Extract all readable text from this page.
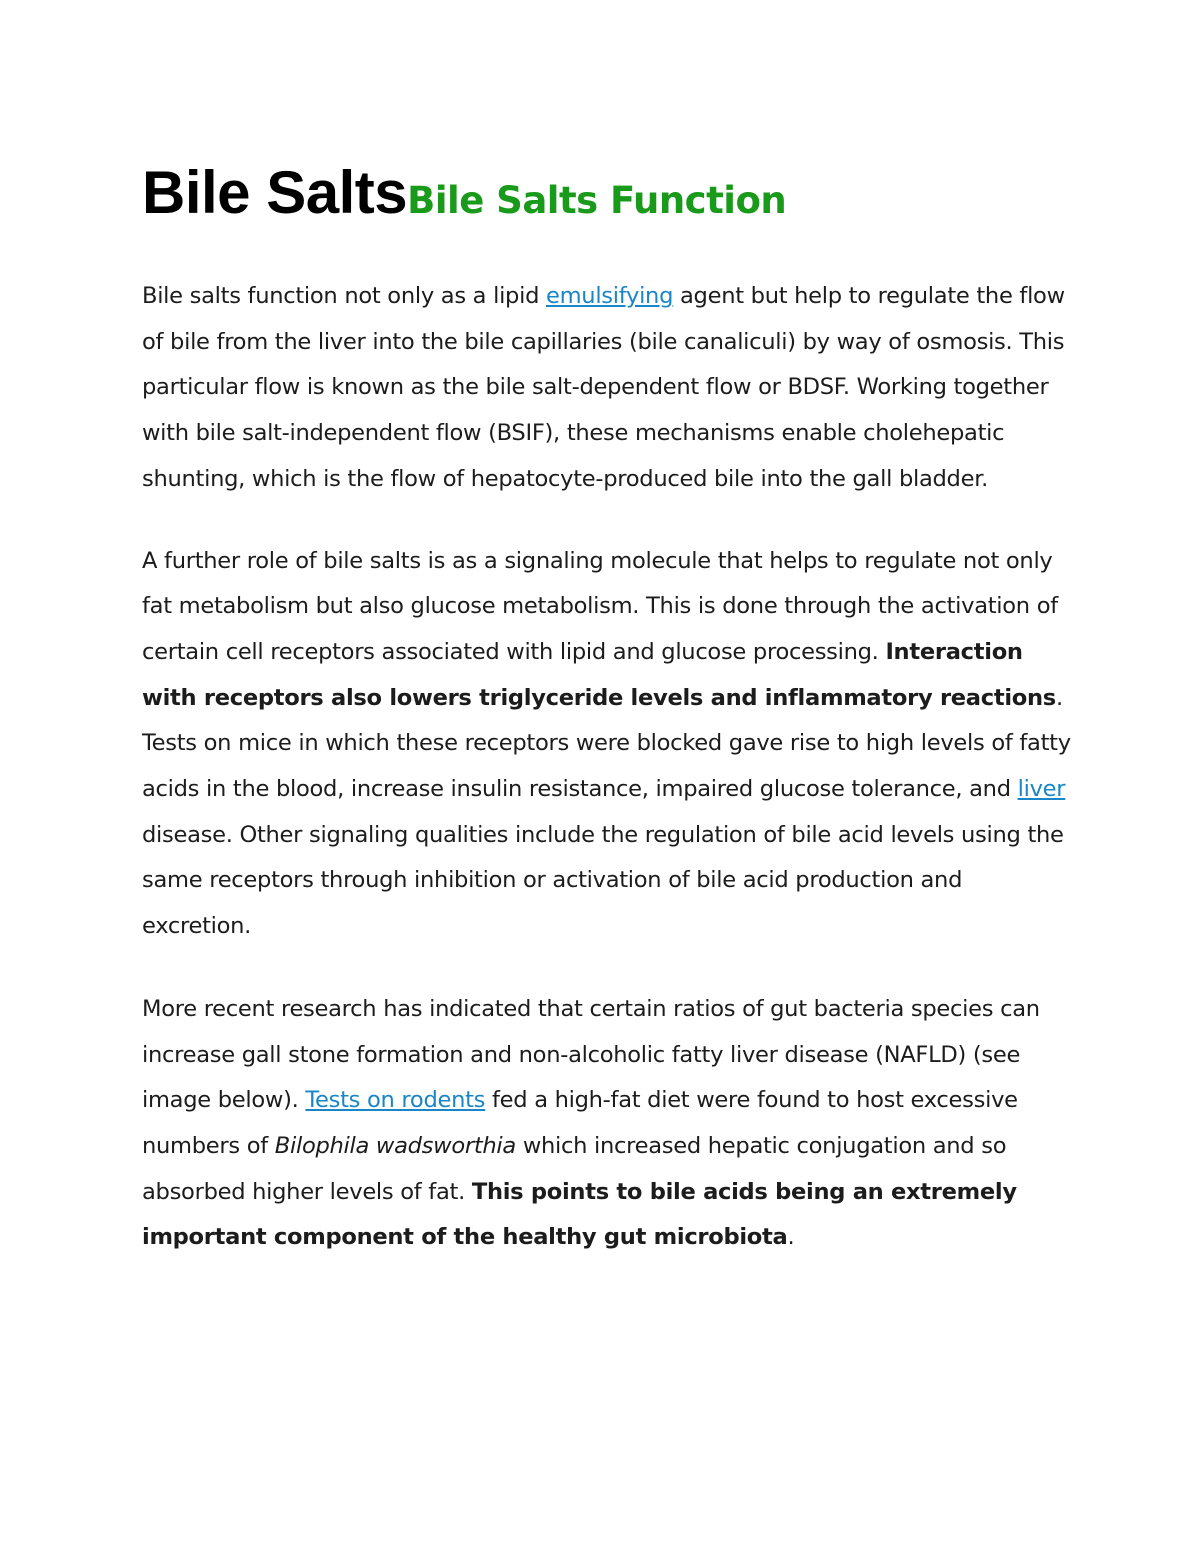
Bile SaltsBile Salts Function

Bile salts function not only as a lipid emulsifying agent but help to regulate the flow of bile from the liver into the bile capillaries (bile canaliculi) by way of osmosis. This particular flow is known as the bile salt-dependent flow or BDSF. Working together with bile salt-independent flow (BSIF), these mechanisms enable cholehepatic shunting, which is the flow of hepatocyte-produced bile into the gall bladder.

A further role of bile salts is as a signaling molecule that helps to regulate not only fat metabolism but also glucose metabolism. This is done through the activation of certain cell receptors associated with lipid and glucose processing. Interaction with receptors also lowers triglyceride levels and inflammatory reactions. Tests on mice in which these receptors were blocked gave rise to high levels of fatty acids in the blood, increase insulin resistance, impaired glucose tolerance, and liver disease. Other signaling qualities include the regulation of bile acid levels using the same receptors through inhibition or activation of bile acid production and excretion.

More recent research has indicated that certain ratios of gut bacteria species can increase gall stone formation and non-alcoholic fatty liver disease (NAFLD) (see image below). Tests on rodents fed a high-fat diet were found to host excessive numbers of Bilophila wadsworthia which increased hepatic conjugation and so absorbed higher levels of fat. This points to bile acids being an extremely important component of the healthy gut microbiota.
